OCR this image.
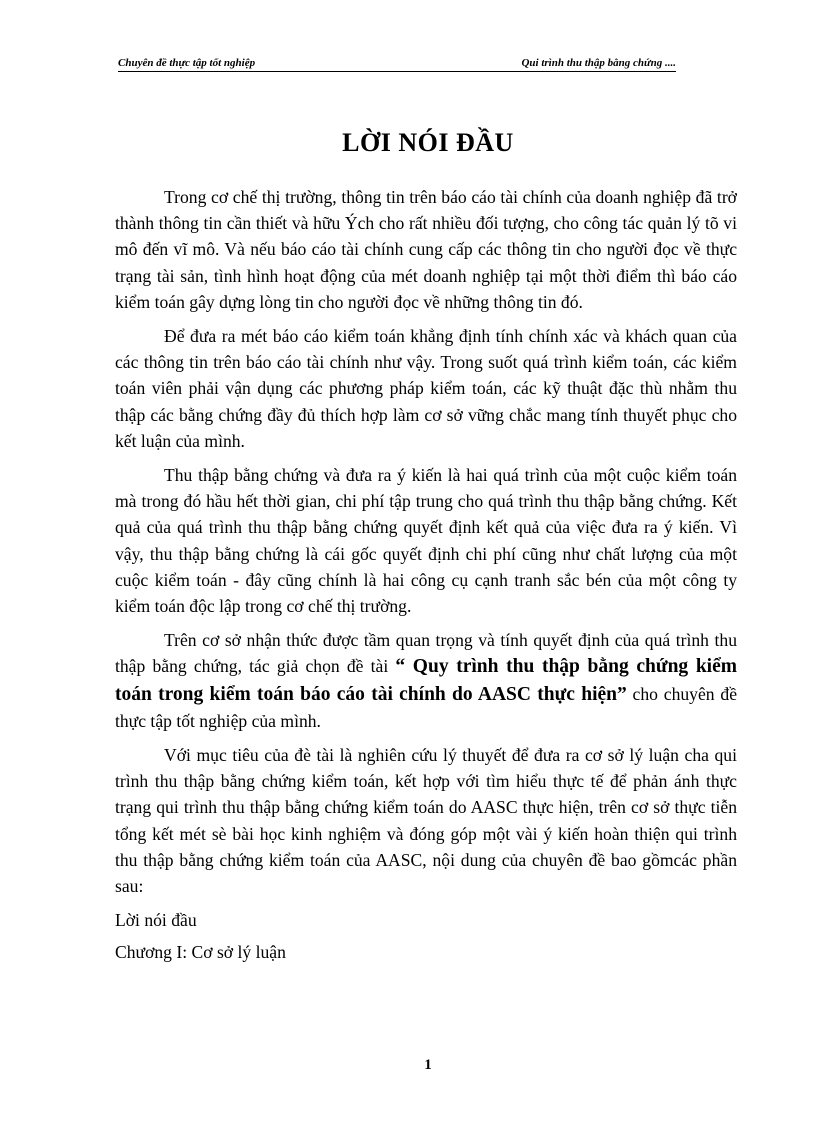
Chuyên đề thực tập tốt nghiệp	Qui trình thu thập bằng chứng ....
LỜI NÓI ĐẦU

Trong cơ chế thị trường, thông tin trên báo cáo tài chính của doanh nghiệp đã trở thành thông tin cần thiết và hữu Ých cho rất nhiều đối tượng, cho công tác quản lý tõ vi mô đến vĩ mô. Và nếu báo cáo tài chính cung cấp các thông tin cho người đọc về thực trạng tài sản, tình hình hoạt động của mét doanh nghiệp tại một thời điểm thì báo cáo kiểm toán gây dựng lòng tin cho người đọc về những thông tin đó.

Để đưa ra mét báo cáo kiểm toán khẳng định tính chính xác và khách quan của các thông tin trên báo cáo tài chính như vậy. Trong suốt quá trình kiểm toán, các kiểm toán viên phải vận dụng các phương pháp kiểm toán, các kỹ thuật đặc thù nhằm thu thập các bằng chứng đầy đủ thích hợp làm cơ sở vững chắc mang tính thuyết phục cho kết luận của mình.

Thu thập bằng chứng và đưa ra ý kiến là hai quá trình của một cuộc kiểm toán mà trong đó hầu hết thời gian, chi phí tập trung cho quá trình thu thập bằng chứng. Kết quả của quá trình thu thập bằng chứng quyết định kết quả của việc đưa ra ý kiến. Vì vậy, thu thập bằng chứng là cái gốc quyết định chi phí cũng như chất lượng của một cuộc kiểm toán - đây cũng chính là hai công cụ cạnh tranh sắc bén của một công ty kiểm toán độc lập trong cơ chế thị trường.

Trên cơ sở nhận thức được tầm quan trọng và tính quyết định của quá trình thu thập bằng chứng, tác giả chọn đề tài “ Quy trình thu thập bằng chứng kiểm toán trong kiểm toán báo cáo tài chính do AASC thực hiện” cho chuyên đề thực tập tốt nghiệp của mình.

Với mục tiêu của đè tài là nghiên cứu lý thuyết để đưa ra cơ sở lý luận cha qui trình thu thập bằng chứng kiểm toán, kết hợp với tìm hiểu thực tế để phản ánh thực trạng qui trình thu thập bằng chứng kiểm toán do AASC thực hiện, trên cơ sở thực tiễn tổng kết mét sè bài học kinh nghiệm và đóng góp một vài ý kiến hoàn thiện qui trình thu thập bằng chứng kiểm toán của AASC, nội dung của chuyên đề bao gồmcác phần sau:

Lời nói đầu

Chương I: Cơ sở lý luận

1
